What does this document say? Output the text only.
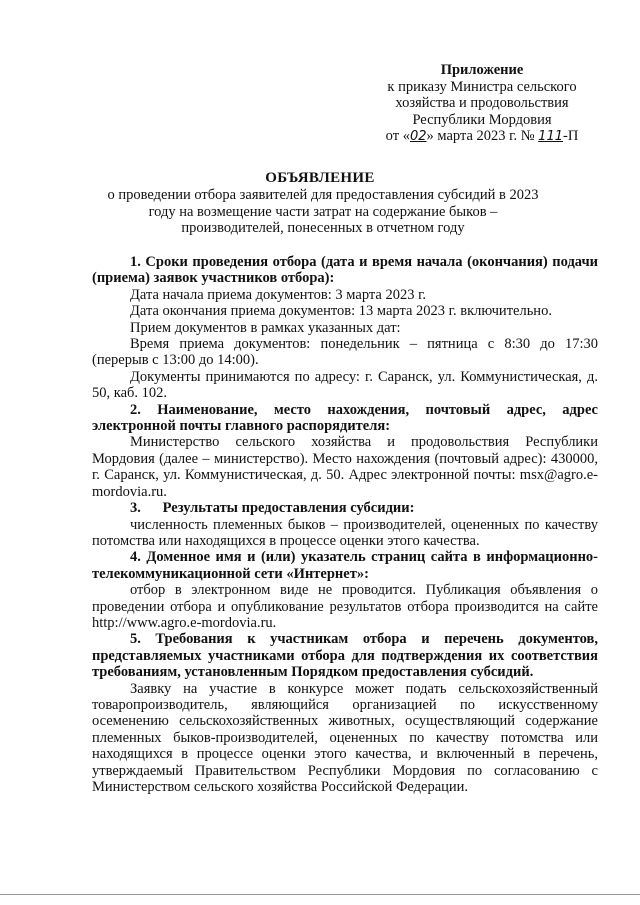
Приложение
к приказу Министра сельского
хозяйства и продовольствия
Республики Мордовия
от «02» марта 2023 г. № 111-П
ОБЪЯВЛЕНИЕ
о проведении отбора заявителей для предоставления субсидий в 2023 году на возмещение части затрат на содержание быков – производителей, понесенных в отчетном году

1. Сроки проведения отбора (дата и время начала (окончания) подачи (приема) заявок участников отбора):

Дата начала приема документов: 3 марта 2023 г.

Дата окончания приема документов: 13 марта 2023 г. включительно.

Прием документов в рамках указанных дат:

Время приема документов: понедельник – пятница с 8:30 до 17:30 (перерыв с 13:00 до 14:00).

Документы принимаются по адресу: г. Саранск, ул. Коммунистическая, д. 50, каб. 102.

2. Наименование, место нахождения, почтовый адрес, адрес электронной почты главного распорядителя:

Министерство сельского хозяйства и продовольствия Республики Мордовия (далее – министерство). Место нахождения (почтовый адрес): 430000, г. Саранск, ул. Коммунистическая, д. 50. Адрес электронной почты: msx@agro.e-mordovia.ru.

3.      Результаты предоставления субсидии:

численность племенных быков – производителей, оцененных по качеству потомства или находящихся в процессе оценки этого качества.

4. Доменное имя и (или) указатель страниц сайта в информационно-телекоммуникационной сети «Интернет»:

отбор в электронном виде не проводится. Публикация объявления о проведении отбора и опубликование результатов отбора производится на сайте http://www.agro.e-mordovia.ru.

5. Требования к участникам отбора и перечень документов, представляемых участниками отбора для подтверждения их соответствия требованиям, установленным Порядком предоставления субсидий.

Заявку на участие в конкурсе может подать сельскохозяйственный товаропроизводитель, являющийся организацией по искусственному осеменению сельскохозяйственных животных, осуществляющий содержание племенных быков-производителей, оцененных по качеству потомства или находящихся в процессе оценки этого качества, и включенный в перечень, утверждаемый Правительством Республики Мордовия по согласованию с Министерством сельского хозяйства Российской Федерации.
